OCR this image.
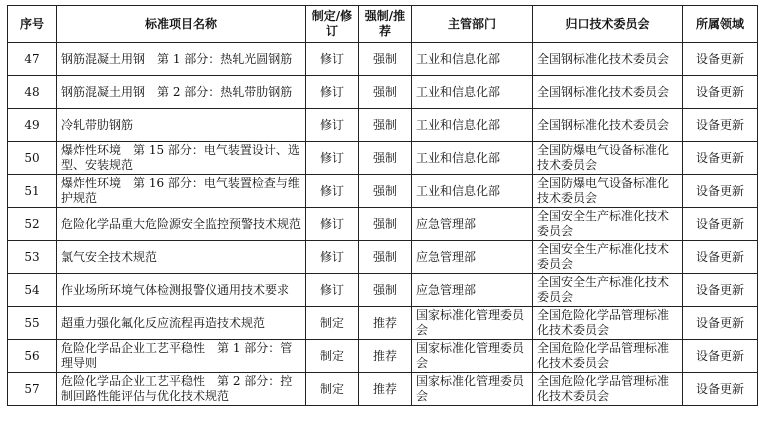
序号	标准项目名称	制定/修订	强制/推荐	主管部门	归口技术委员会	所属领域
47	钢筋混凝土用钢　第 1 部分：热轧光圆钢筋	修订	强制	工业和信息化部	全国钢标准化技术委员会	设备更新
48	钢筋混凝土用钢　第 2 部分：热轧带肋钢筋	修订	强制	工业和信息化部	全国钢标准化技术委员会	设备更新
49	冷轧带肋钢筋	修订	强制	工业和信息化部	全国钢标准化技术委员会	设备更新
50	爆炸性环境　第 15 部分：电气装置设计、选型、安装规范	修订	强制	工业和信息化部	全国防爆电气设备标准化技术委员会	设备更新
51	爆炸性环境　第 16 部分：电气装置检查与维护规范	修订	强制	工业和信息化部	全国防爆电气设备标准化技术委员会	设备更新
52	危险化学品重大危险源安全监控预警技术规范	修订	强制	应急管理部	全国安全生产标准化技术委员会	设备更新
53	氯气安全技术规范	修订	强制	应急管理部	全国安全生产标准化技术委员会	设备更新
54	作业场所环境气体检测报警仪通用技术要求	修订	强制	应急管理部	全国安全生产标准化技术委员会	设备更新
55	超重力强化氟化反应流程再造技术规范	制定	推荐	国家标准化管理委员会	全国危险化学品管理标准化技术委员会	设备更新
56	危险化学品企业工艺平稳性　第 1 部分：管理导则	制定	推荐	国家标准化管理委员会	全国危险化学品管理标准化技术委员会	设备更新
57	危险化学品企业工艺平稳性　第 2 部分：控制回路性能评估与优化技术规范	制定	推荐	国家标准化管理委员会	全国危险化学品管理标准化技术委员会	设备更新
